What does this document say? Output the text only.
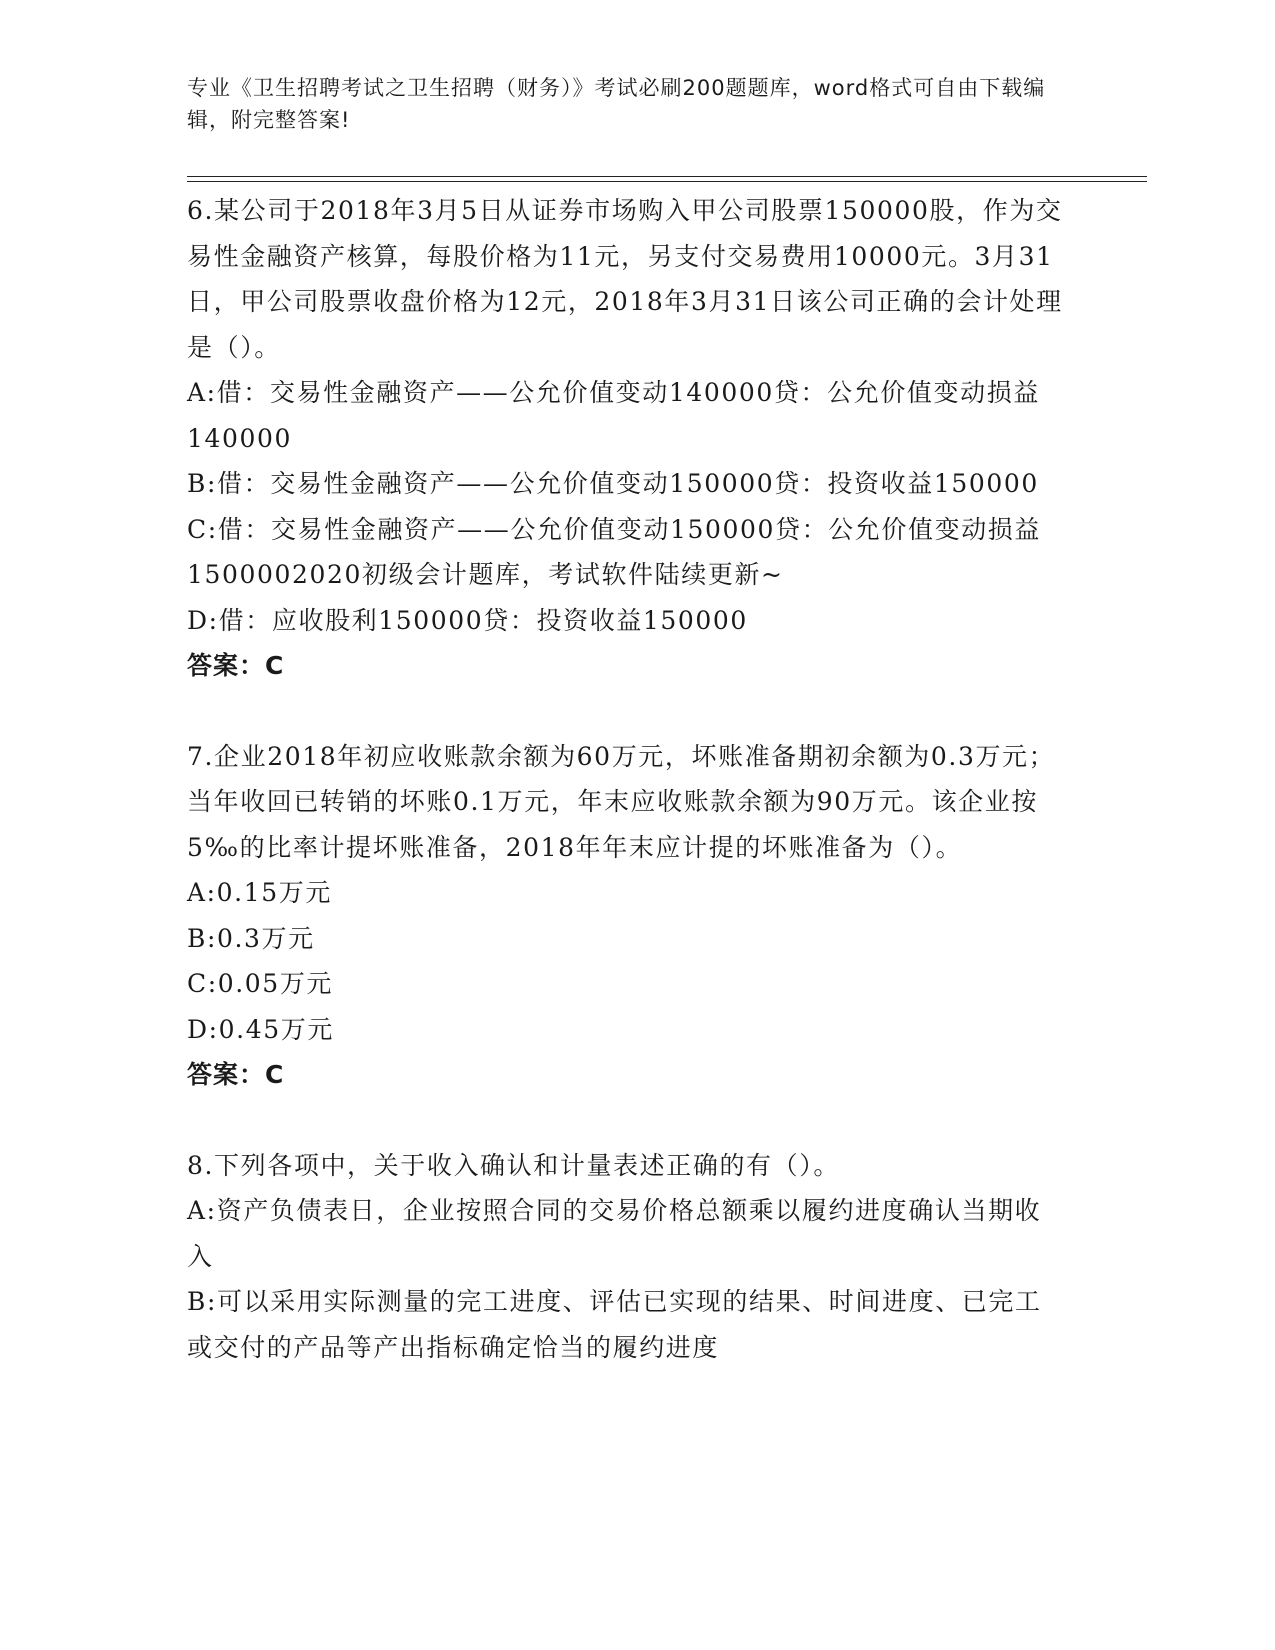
专业《卫生招聘考试之卫生招聘（财务）》考试必刷200题题库，word格式可自由下载编辑，附完整答案!

6.某公司于2018年3月5日从证券市场购入甲公司股票150000股，作为交易性金融资产核算，每股价格为11元，另支付交易费用10000元。3月31日，甲公司股票收盘价格为12元，2018年3月31日该公司正确的会计处理是（）。

A:借：交易性金融资产——公允价值变动140000贷：公允价值变动损益140000

B:借：交易性金融资产——公允价值变动150000贷：投资收益150000

C:借：交易性金融资产——公允价值变动150000贷：公允价值变动损益1500002020初级会计题库，考试软件陆续更新~

D:借：应收股利150000贷：投资收益150000

答案：C

7.企业2018年初应收账款余额为60万元，坏账准备期初余额为0.3万元；当年收回已转销的坏账0.1万元，年末应收账款余额为90万元。该企业按5‰的比率计提坏账准备，2018年年末应计提的坏账准备为（）。

A:0.15万元

B:0.3万元

C:0.05万元

D:0.45万元

答案：C

8.下列各项中，关于收入确认和计量表述正确的有（）。

A:资产负债表日，企业按照合同的交易价格总额乘以履约进度确认当期收入

B:可以采用实际测量的完工进度、评估已实现的结果、时间进度、已完工或交付的产品等产出指标确定恰当的履约进度
